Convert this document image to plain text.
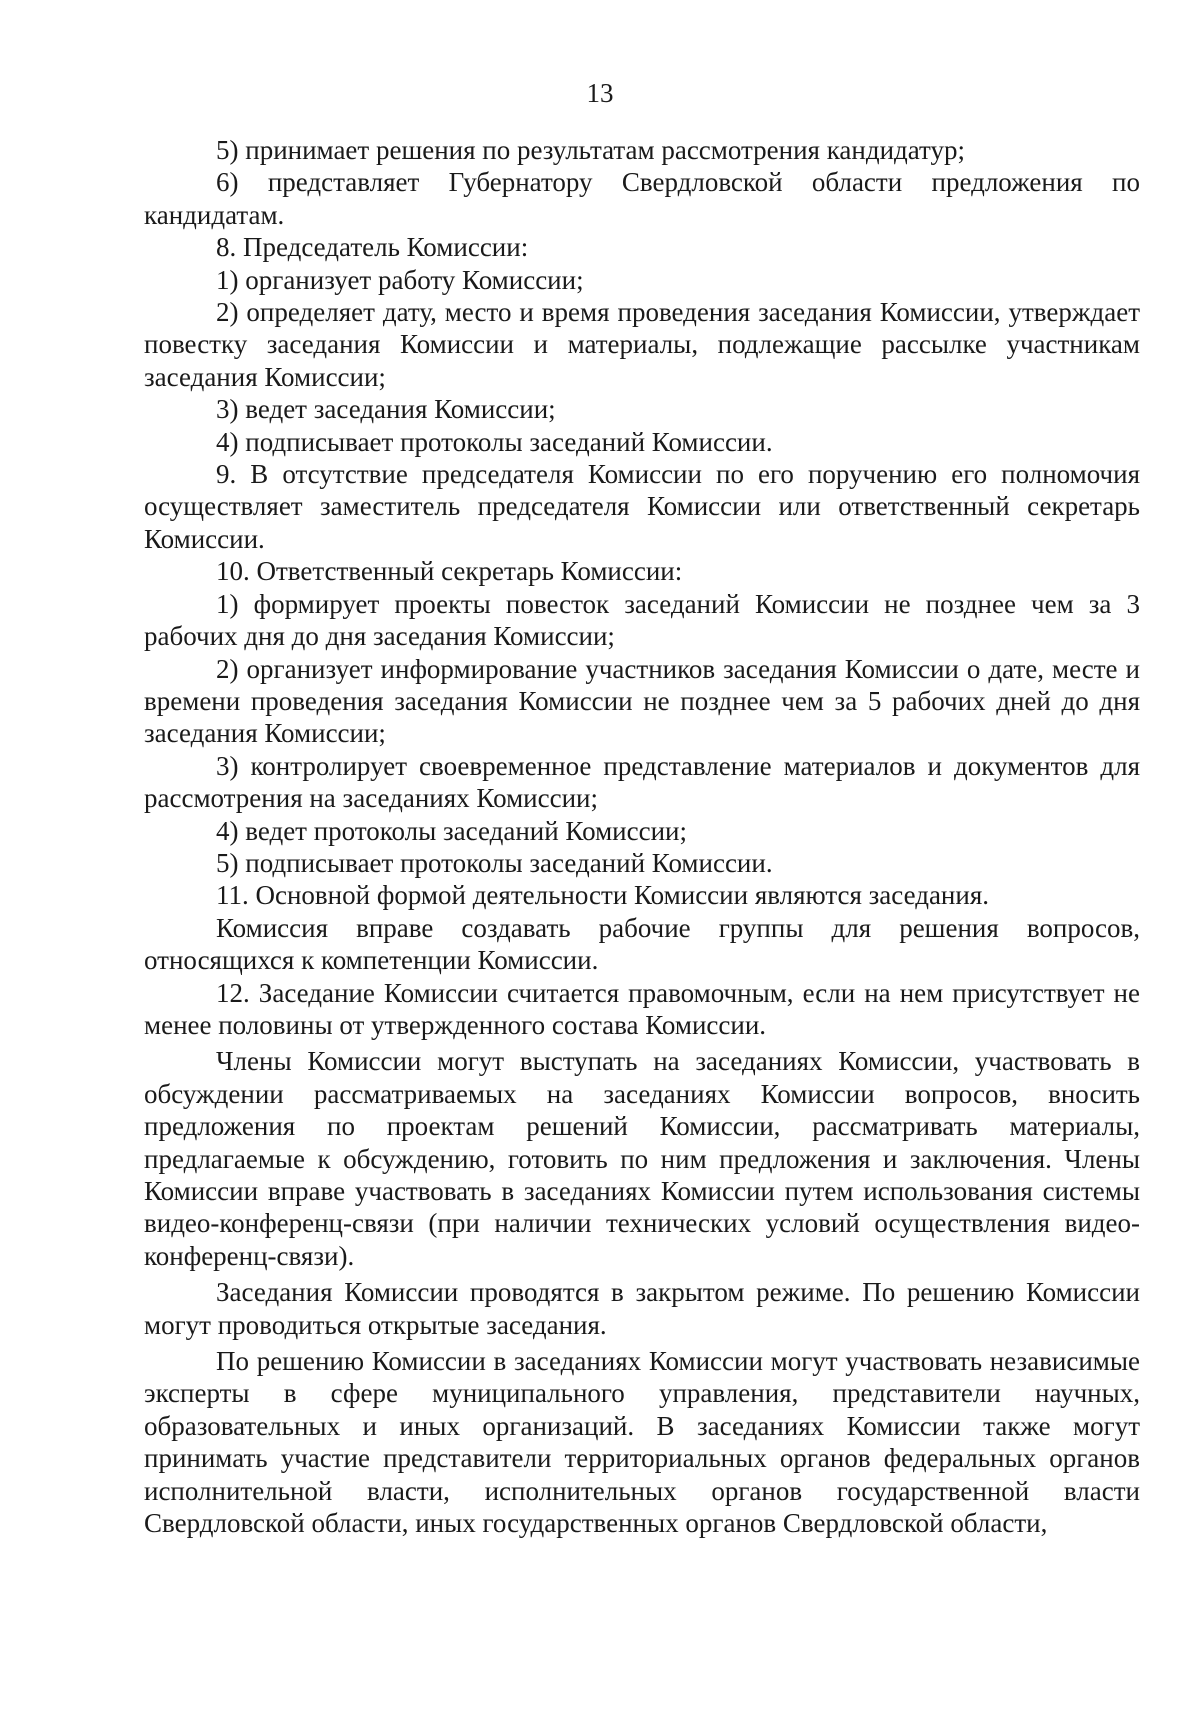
13

5) принимает решения по результатам рассмотрения кандидатур;

6) представляет Губернатору Свердловской области предложения по кандидатам.

8. Председатель Комиссии:

1) организует работу Комиссии;

2) определяет дату, место и время проведения заседания Комиссии, утверждает повестку заседания Комиссии и материалы, подлежащие рассылке участникам заседания Комиссии;

3) ведет заседания Комиссии;

4) подписывает протоколы заседаний Комиссии.

9. В отсутствие председателя Комиссии по его поручению его полномочия осуществляет заместитель председателя Комиссии или ответственный секретарь Комиссии.

10. Ответственный секретарь Комиссии:

1) формирует проекты повесток заседаний Комиссии не позднее чем за 3 рабочих дня до дня заседания Комиссии;

2) организует информирование участников заседания Комиссии о дате, месте и времени проведения заседания Комиссии не позднее чем за 5 рабочих дней до дня заседания Комиссии;

3) контролирует своевременное представление материалов и документов для рассмотрения на заседаниях Комиссии;

4) ведет протоколы заседаний Комиссии;

5) подписывает протоколы заседаний Комиссии.

11. Основной формой деятельности Комиссии являются заседания.

Комиссия вправе создавать рабочие группы для решения вопросов, относящихся к компетенции Комиссии.

12. Заседание Комиссии считается правомочным, если на нем присутствует не менее половины от утвержденного состава Комиссии.

Члены Комиссии могут выступать на заседаниях Комиссии, участвовать в обсуждении рассматриваемых на заседаниях Комиссии вопросов, вносить предложения по проектам решений Комиссии, рассматривать материалы, предлагаемые к обсуждению, готовить по ним предложения и заключения. Члены Комиссии вправе участвовать в заседаниях Комиссии путем использования системы видео-конференц-связи (при наличии технических условий осуществления видео-конференц-связи).

Заседания Комиссии проводятся в закрытом режиме. По решению Комиссии могут проводиться открытые заседания.

По решению Комиссии в заседаниях Комиссии могут участвовать независимые эксперты в сфере муниципального управления, представители научных, образовательных и иных организаций. В заседаниях Комиссии также могут принимать участие представители территориальных органов федеральных органов исполнительной власти, исполнительных органов государственной власти Свердловской области, иных государственных органов Свердловской области,
